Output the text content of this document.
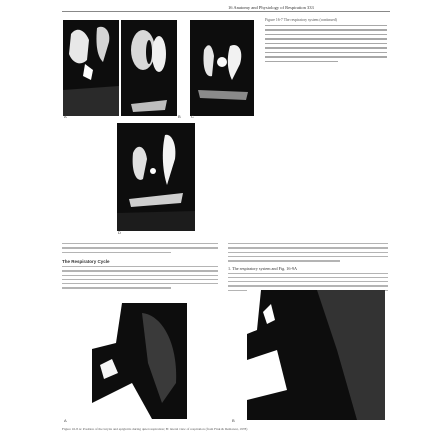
16 Anatomy and Physiology of Respiration 333
A	B	C
Figure 16-7 The respiratory system (continued)
D
The Respiratory Cycle
1. The respiratory system and Fig. 16-9A
A	B
Figure 16-8 A: Position of the larynx and epiglottis during quiet respiration; B: lateral view of respiration (from Fink & Demarest, 1978)
